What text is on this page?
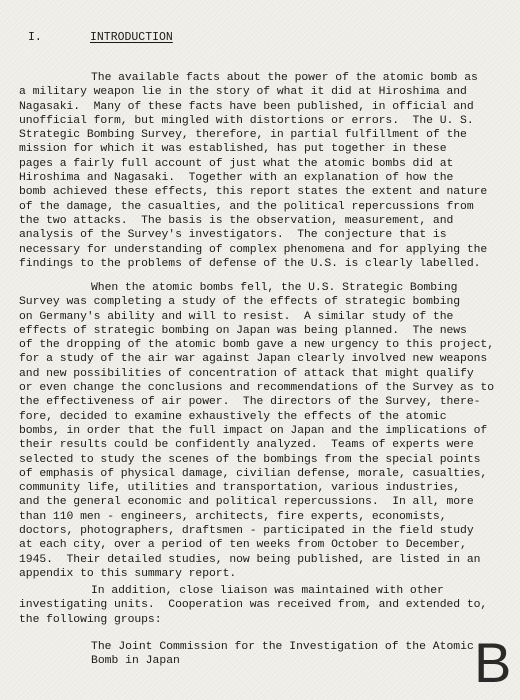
I.	INTRODUCTION
The available facts about the power of the atomic bomb as
a military weapon lie in the story of what it did at Hiroshima and
Nagasaki.  Many of these facts have been published, in official and
unofficial form, but mingled with distortions or errors.  The U. S.
Strategic Bombing Survey, therefore, in partial fulfillment of the
mission for which it was established, has put together in these
pages a fairly full account of just what the atomic bombs did at
Hiroshima and Nagasaki.  Together with an explanation of how the
bomb achieved these effects, this report states the extent and nature
of the damage, the casualties, and the political repercussions from
the two attacks.  The basis is the observation, measurement, and
analysis of the Survey's investigators.  The conjecture that is
necessary for understanding of complex phenomena and for applying the
findings to the problems of defense of the U.S. is clearly labelled.
When the atomic bombs fell, the U.S. Strategic Bombing
Survey was completing a study of the effects of strategic bombing
on Germany's ability and will to resist.  A similar study of the
effects of strategic bombing on Japan was being planned.  The news
of the dropping of the atomic bomb gave a new urgency to this project,
for a study of the air war against Japan clearly involved new weapons
and new possibilities of concentration of attack that might qualify
or even change the conclusions and recommendations of the Survey as to
the effectiveness of air power.  The directors of the Survey, there-
fore, decided to examine exhaustively the effects of the atomic
bombs, in order that the full impact on Japan and the implications of
their results could be confidently analyzed.  Teams of experts were
selected to study the scenes of the bombings from the special points
of emphasis of physical damage, civilian defense, morale, casualties,
community life, utilities and transportation, various industries,
and the general economic and political repercussions.  In all, more
than 110 men - engineers, architects, fire experts, economists,
doctors, photographers, draftsmen - participated in the field study
at each city, over a period of ten weeks from October to December,
1945.  Their detailed studies, now being published, are listed in an
appendix to this summary report.
In addition, close liaison was maintained with other
investigating units.  Cooperation was received from, and extended to,
the following groups:
The Joint Commission for the Investigation of the Atomic
Bomb in Japan	B
